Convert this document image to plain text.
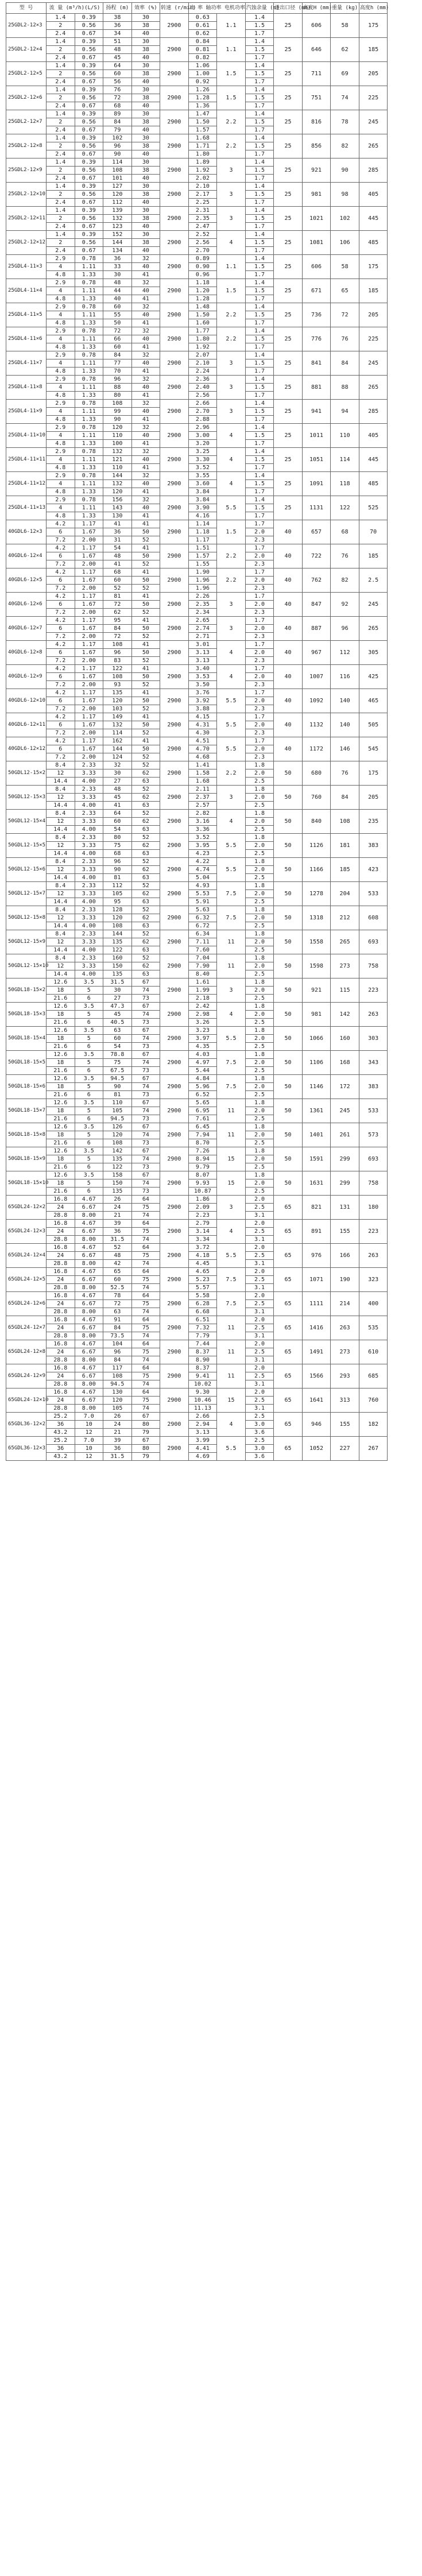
型 号	流 量 (m³/h)(L/S)		扬程 (m)	效率 (%)	转速 (r/min)	功 率 轴功率 电机功率		汽蚀余量 (m)	进出口径 (mm)	高度H (mm)	重量 (kg)	高度h (mm)
25GDL2-12×3	1.4	0.39	38	30	2900	0.63	1.1	1.4	25	606	58	175
	2	0.56	36	38		0.61		1.5				
	2.4	0.67	34	40		0.62		1.7				
25GDL2-12×4	1.4	0.39	51	30	2900	0.84	1.1	1.4	25	646	62	185
	2	0.56	48	38		0.81		1.5				
	2.4	0.67	45	40		0.82		1.7				
25GDL2-12×5	1.4	0.39	64	30	2900	1.06	1.5	1.4	25	711	69	205
	2	0.56	60	38		1.00		1.5				
	2.4	0.67	56	40		0.92		1.7				
25GDL2-12×6	1.4	0.39	76	30	2900	1.26	1.5	1.4	25	751	74	225
	2	0.56	72	38		1.28		1.5				
	2.4	0.67	68	40		1.36		1.7				
25GDL2-12×7	1.4	0.39	89	30	2900	1.47	2.2	1.4	25	816	78	245
	2	0.56	84	38		1.50		1.5				
	2.4	0.67	79	40		1.57		1.7				
25GDL2-12×8	1.4	0.39	102	30	2900	1.68	2.2	1.4	25	856	82	265
	2	0.56	96	38		1.71		1.5				
	2.4	0.67	90	40		1.80		1.7				
25GDL2-12×9	1.4	0.39	114	30	2900	1.89	3	1.4	25	921	90	285
	2	0.56	108	38		1.92		1.5				
	2.4	0.67	101	40		2.02		1.7				
25GDL2-12×10	1.4	0.39	127	30	2900	2.10	3	1.4	25	981	98	405
	2	0.56	120	38		2.17		1.5				
	2.4	0.67	112	40		2.25		1.7				
25GDL2-12×11	1.4	0.39	139	30	2900	2.31	3	1.4	25	1021	102	445
	2	0.56	132	38		2.35		1.5				
	2.4	0.67	123	40		2.47		1.7				
25GDL2-12×12	1.4	0.39	152	30	2900	2.52	4	1.4	25	1081	106	485
	2	0.56	144	38		2.56		1.5				
	2.4	0.67	134	40		2.70		1.7				
25GDL4-11×3	2.9	0.78	36	32	2900	0.89	1.1	1.4	25	606	58	175
	4	1.11	33	40		0.90		1.5				
	4.8	1.33	30	41		0.96		1.7				
25GDL4-11×4	2.9	0.78	48	32	2900	1.18	1.5	1.4	25	671	65	185
	4	1.11	44	40		1.20		1.5				
	4.8	1.33	40	41		1.28		1.7				
25GDL4-11×5	2.9	0.78	60	32	2900	1.48	2.2	1.4	25	736	72	205
	4	1.11	55	40		1.50		1.5				
	4.8	1.33	50	41		1.60		1.7				
25GDL4-11×6	2.9	0.78	72	32	2900	1.77	2.2	1.4	25	776	76	225
	4	1.11	66	40		1.80		1.5				
	4.8	1.33	60	41		1.92		1.7				
25GDL4-11×7	2.9	0.78	84	32	2900	2.07	3	1.4	25	841	84	245
	4	1.11	77	40		2.10		1.5				
	4.8	1.33	70	41		2.24		1.7				
25GDL4-11×8	2.9	0.78	96	32	2900	2.36	3	1.4	25	881	88	265
	4	1.11	88	40		2.40		1.5				
	4.8	1.33	80	41		2.56		1.7				
25GDL4-11×9	2.9	0.78	108	32	2900	2.66	3	1.4	25	941	94	285
	4	1.11	99	40		2.70		1.5				
	4.8	1.33	90	41		2.88		1.7				
25GDL4-11×10	2.9	0.78	120	32	2900	2.96	4	1.4	25	1011	110	405
	4	1.11	110	40		3.00		1.5				
	4.8	1.33	100	41		3.20		1.7				
25GDL4-11×11	2.9	0.78	132	32	2900	3.25	4	1.4	25	1051	114	445
	4	1.11	121	40		3.30		1.5				
	4.8	1.33	110	41		3.52		1.7				
25GDL4-11×12	2.9	0.78	144	32	2900	3.55	4	1.4	25	1091	118	485
	4	1.11	132	40		3.60		1.5				
	4.8	1.33	120	41		3.84		1.7				
25GDL4-11×13	2.9	0.78	156	32	2900	3.84	5.5	1.4	25	1131	122	525
	4	1.11	143	40		3.90		1.5				
	4.8	1.33	130	41		4.16		1.7				
40GDL6-12×3	4.2	1.17	41	41	2900	1.14	1.5	1.7	40	657	68	70
	6	1.67	36	50		1.18		2.0				
	7.2	2.00	31	52		1.17		2.3				
40GDL6-12×4	4.2	1.17	54	41	2900	1.51	2.2	1.7	40	722	76	185
	6	1.67	48	50		1.57		2.0				
	7.2	2.00	41	52		1.55		2.3				
40GDL6-12×5	4.2	1.17	68	41	2900	1.90	2.2	1.7	40	762	82	2.5
	6	1.67	60	50		1.96		2.0				
	7.2	2.00	52	52		1.96		2.3				
40GDL6-12×6	4.2	1.17	81	41	2900	2.26	3	1.7	40	847	92	245
	6	1.67	72	50		2.35		2.0				
	7.2	2.00	62	52		2.34		2.3				
40GDL6-12×7	4.2	1.17	95	41	2900	2.65	3	1.7	40	887	96	265
	6	1.67	84	50		2.74		2.0				
	7.2	2.00	72	52		2.71		2.3				
40GDL6-12×8	4.2	1.17	108	41	2900	3.01	4	1.7	40	967	112	305
	6	1.67	96	50		3.13		2.0				
	7.2	2.00	83	52		3.13		2.3				
40GDL6-12×9	4.2	1.17	122	41	2900	3.40	4	1.7	40	1007	116	425
	6	1.67	108	50		3.53		2.0				
	7.2	2.00	93	52		3.50		2.3				
40GDL6-12×10	4.2	1.17	135	41	2900	3.76	5.5	1.7	40	1092	140	465
	6	1.67	120	50		3.92		2.0				
	7.2	2.00	103	52		3.88		2.3				
40GDL6-12×11	4.2	1.17	149	41	2900	4.15	5.5	1.7	40	1132	140	505
	6	1.67	132	50		4.31		2.0				
	7.2	2.00	114	52		4.30		2.3				
40GDL6-12×12	4.2	1.17	162	41	2900	4.51	5.5	1.7	40	1172	146	545
	6	1.67	144	50		4.70		2.0				
	7.2	2.00	124	52		4.68		2.3				
50GDL12-15×2	8.4	2.33	32	52	2900	1.41	2.2	1.8	50	680	76	175
	12	3.33	30	62		1.58		2.0				
	14.4	4.00	27	63		1.68		2.5				
50GDL12-15×3	8.4	2.33	48	52	2900	2.11	3	1.8	50	760	84	205
	12	3.33	45	62		2.37		2.0				
	14.4	4.00	41	63		2.57		2.5				
50GDL12-15×4	8.4	2.33	64	52	2900	2.82	4	1.8	50	840	108	235
	12	3.33	60	62		3.16		2.0				
	14.4	4.00	54	63		3.36		2.5				
50GDL12-15×5	8.4	2.33	80	52	2900	3.52	5.5	1.8	50	1126	181	383
	12	3.33	75	62		3.95		2.0				
	14.4	4.00	68	63		4.23		2.5				
50GDL12-15×6	8.4	2.33	96	52	2900	4.22	5.5	1.8	50	1166	185	423
	12	3.33	90	62		4.74		2.0				
	14.4	4.00	81	63		5.04		2.5				
50GDL12-15×7	8.4	2.33	112	52	2900	4.93	7.5	1.8	50	1278	204	533
	12	3.33	105	62		5.53		2.0				
	14.4	4.00	95	63		5.91		2.5				
50GDL12-15×8	8.4	2.33	128	52	2900	5.63	7.5	1.8	50	1318	212	608
	12	3.33	120	62		6.32		2.0				
	14.4	4.00	108	63		6.72		2.5				
50GDL12-15×9	8.4	2.33	144	52	2900	6.34	11	1.8	50	1558	265	693
	12	3.33	135	62		7.11		2.0				
	14.4	4.00	122	63		7.60		2.5				
50GDL12-15×10	8.4	2.33	160	52	2900	7.04	11	1.8	50	1598	273	758
	12	3.33	150	62		7.90		2.0				
	14.4	4.00	135	63		8.40		2.5				
50GDL18-15×2	12.6	3.5	31.5	67	2900	1.61	3	1.8	50	921	115	223
	18	5	30	74		1.99		2.0				
	21.6	6	27	73		2.18		2.5				
50GDL18-15×3	12.6	3.5	47.3	67	2900	2.42	4	1.8	50	981	142	263
	18	5	45	74		2.98		2.0				
	21.6	6	40.5	73		3.26		2.5				
50GDL18-15×4	12.6	3.5	63	67	2900	3.23	5.5	1.8	50	1066	160	303
	18	5	60	74		3.97		2.0				
	21.6	6	54	73		4.35		2.5				
50GDL18-15×5	12.6	3.5	78.8	67	2900	4.03	7.5	1.8	50	1106	168	343
	18	5	75	74		4.97		2.0				
	21.6	6	67.5	73		5.44		2.5				
50GDL18-15×6	12.6	3.5	94.5	67	2900	4.84	7.5	1.8	50	1146	172	383
	18	5	90	74		5.96		2.0				
	21.6	6	81	73		6.52		2.5				
50GDL18-15×7	12.6	3.5	110	67	2900	5.65	11	1.8	50	1361	245	533
	18	5	105	74		6.95		2.0				
	21.6	6	94.5	73		7.61		2.5				
50GDL18-15×8	12.6	3.5	126	67	2900	6.45	11	1.8	50	1401	261	573
	18	5	120	74		7.94		2.0				
	21.6	6	108	73		8.70		2.5				
50GDL18-15×9	12.6	3.5	142	67	2900	7.26	15	1.8	50	1591	299	693
	18	5	135	74		8.94		2.0				
	21.6	6	122	73		9.79		2.5				
50GDL18-15×10	12.6	3.5	158	67	2900	8.07	15	1.8	50	1631	299	758
	18	5	150	74		9.93		2.0				
	21.6	6	135	73		10.87		2.5				
65GDL24-12×2	16.8	4.67	26	64	2900	1.86	3	2.0	65	821	131	180
	24	6.67	24	75		2.09		2.5				
	28.8	8.00	21	74		2.23		3.1				
65GDL24-12×3	16.8	4.67	39	64	2900	2.79	4	2.0	65	891	155	223
	24	6.67	36	75		3.14		2.5				
	28.8	8.00	31.5	74		3.34		3.1				
65GDL24-12×4	16.8	4.67	52	64	2900	3.72	5.5	2.0	65	976	166	263
	24	6.67	48	75		4.18		2.5				
	28.8	8.00	42	74		4.45		3.1				
65GDL24-12×5	16.8	4.67	65	64	2900	4.65	7.5	2.0	65	1071	190	323
	24	6.67	60	75		5.23		2.5				
	28.8	8.00	52.5	74		5.57		3.1				
65GDL24-12×6	16.8	4.67	78	64	2900	5.58	7.5	2.0	65	1111	214	400
	24	6.67	72	75		6.28		2.5				
	28.8	8.00	63	74		6.68		3.1				
65GDL24-12×7	16.8	4.67	91	64	2900	6.51	11	2.0	65	1416	263	535
	24	6.67	84	75		7.32		2.5				
	28.8	8.00	73.5	74		7.79		3.1				
65GDL24-12×8	16.8	4.67	104	64	2900	7.44	11	2.0	65	1491	273	610
	24	6.67	96	75		8.37		2.5				
	28.8	8.00	84	74		8.90		3.1				
65GDL24-12×9	16.8	4.67	117	64	2900	8.37	11	2.0	65	1566	293	685
	24	6.67	108	75		9.41		2.5				
	28.8	8.00	94.5	74		10.02		3.1				
65GDL24-12×10	16.8	4.67	130	64	2900	9.30	15	2.0	65	1641	313	760
	24	6.67	120	75		10.46		2.5				
	28.8	8.00	105	74		11.13		3.1				
65GDL36-12×2	25.2	7.0	26	67	2900	2.66	4	2.5	65	946	155	182
	36	10	24	80		2.94		3.0				
	43.2	12	21	79		3.13		3.6				
65GDL36-12×3	25.2	7.0	39	67	2900	3.99	5.5	2.5	65	1052	227	267
	36	10	36	80		4.41		3.0				
	43.2	12	31.5	79		4.69		3.6				
